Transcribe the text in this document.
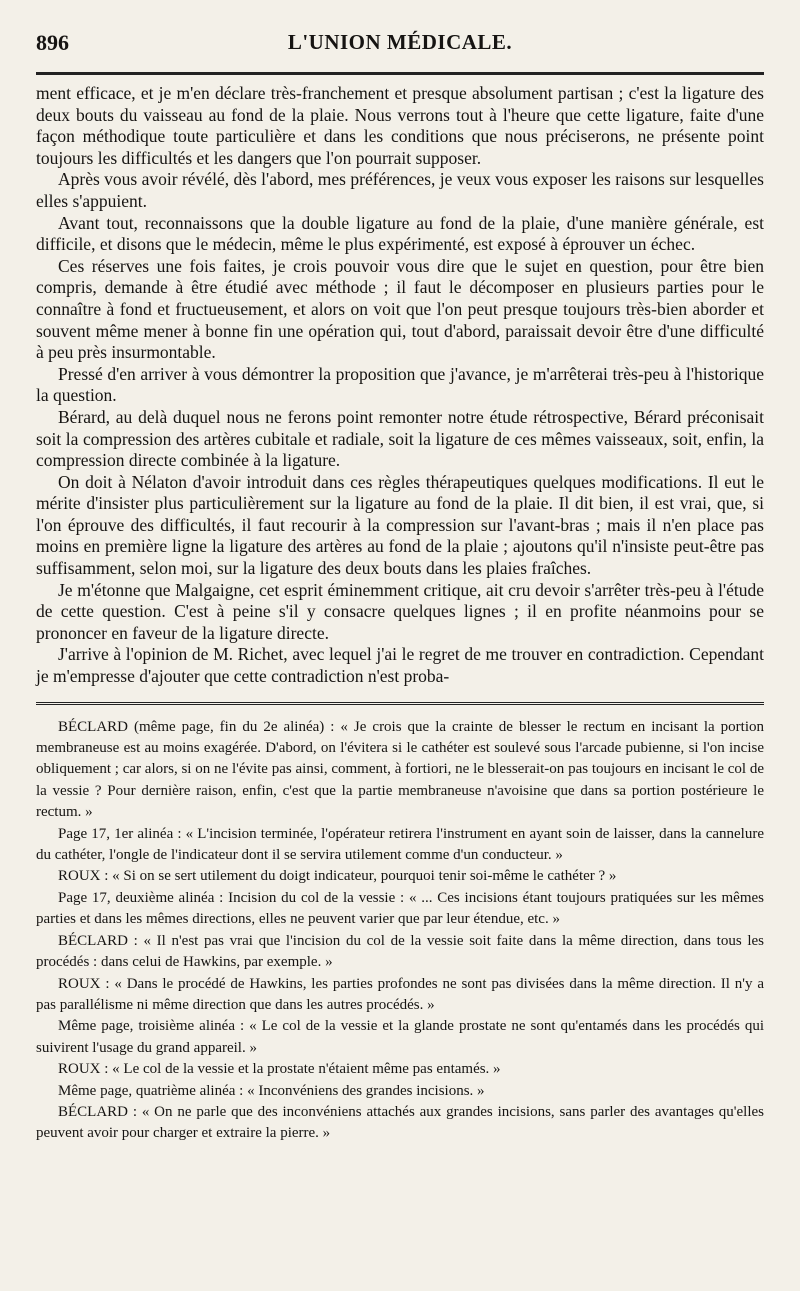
896	L'UNION MÉDICALE.

ment efficace, et je m'en déclare très-franchement et presque absolument partisan ; c'est la ligature des deux bouts du vaisseau au fond de la plaie. Nous verrons tout à l'heure que cette ligature, faite d'une façon méthodique toute particulière et dans les conditions que nous préciserons, ne présente point toujours les difficultés et les dangers que l'on pourrait supposer.

Après vous avoir révélé, dès l'abord, mes préférences, je veux vous exposer les raisons sur lesquelles elles s'appuient.

Avant tout, reconnaissons que la double ligature au fond de la plaie, d'une manière générale, est difficile, et disons que le médecin, même le plus expérimenté, est exposé à éprouver un échec.

Ces réserves une fois faites, je crois pouvoir vous dire que le sujet en question, pour être bien compris, demande à être étudié avec méthode ; il faut le décomposer en plusieurs parties pour le connaître à fond et fructueusement, et alors on voit que l'on peut presque toujours très-bien aborder et souvent même mener à bonne fin une opération qui, tout d'abord, paraissait devoir être d'une difficulté à peu près insurmontable.

Pressé d'en arriver à vous démontrer la proposition que j'avance, je m'arrêterai très-peu à l'historique la question.

Bérard, au delà duquel nous ne ferons point remonter notre étude rétrospective, Bérard préconisait soit la compression des artères cubitale et radiale, soit la ligature de ces mêmes vaisseaux, soit, enfin, la compression directe combinée à la ligature.

On doit à Nélaton d'avoir introduit dans ces règles thérapeutiques quelques modifications. Il eut le mérite d'insister plus particulièrement sur la ligature au fond de la plaie. Il dit bien, il est vrai, que, si l'on éprouve des difficultés, il faut recourir à la compression sur l'avant-bras ; mais il n'en place pas moins en première ligne la ligature des artères au fond de la plaie ; ajoutons qu'il n'insiste peut-être pas suffisamment, selon moi, sur la ligature des deux bouts dans les plaies fraîches.

Je m'étonne que Malgaigne, cet esprit éminemment critique, ait cru devoir s'arrêter très-peu à l'étude de cette question. C'est à peine s'il y consacre quelques lignes ; il en profite néanmoins pour se prononcer en faveur de la ligature directe.

J'arrive à l'opinion de M. Richet, avec lequel j'ai le regret de me trouver en contradiction. Cependant je m'empresse d'ajouter que cette contradiction n'est proba-

BÉCLARD (même page, fin du 2e alinéa) : « Je crois que la crainte de blesser le rectum en incisant la portion membraneuse est au moins exagérée. D'abord, on l'évitera si le cathéter est soulevé sous l'arcade pubienne, si l'on incise obliquement ; car alors, si on ne l'évite pas ainsi, comment, à fortiori, ne le blesserait-on pas toujours en incisant le col de la vessie ? Pour dernière raison, enfin, c'est que la partie membraneuse n'avoisine que dans sa portion postérieure le rectum. »

Page 17, 1er alinéa : « L'incision terminée, l'opérateur retirera l'instrument en ayant soin de laisser, dans la cannelure du cathéter, l'ongle de l'indicateur dont il se servira utilement comme d'un conducteur. »

ROUX : « Si on se sert utilement du doigt indicateur, pourquoi tenir soi-même le cathéter ? »

Page 17, deuxième alinéa : Incision du col de la vessie : « ... Ces incisions étant toujours pratiquées sur les mêmes parties et dans les mêmes directions, elles ne peuvent varier que par leur étendue, etc. »

BÉCLARD : « Il n'est pas vrai que l'incision du col de la vessie soit faite dans la même direction, dans tous les procédés : dans celui de Hawkins, par exemple. »

ROUX : « Dans le procédé de Hawkins, les parties profondes ne sont pas divisées dans la même direction. Il n'y a pas parallélisme ni même direction que dans les autres procédés. »

Même page, troisième alinéa : « Le col de la vessie et la glande prostate ne sont qu'entamés dans les procédés qui suivirent l'usage du grand appareil. »

ROUX : « Le col de la vessie et la prostate n'étaient même pas entamés. »

Même page, quatrième alinéa : « Inconvéniens des grandes incisions. »

BÉCLARD : « On ne parle que des inconvéniens attachés aux grandes incisions, sans parler des avantages qu'elles peuvent avoir pour charger et extraire la pierre. »
